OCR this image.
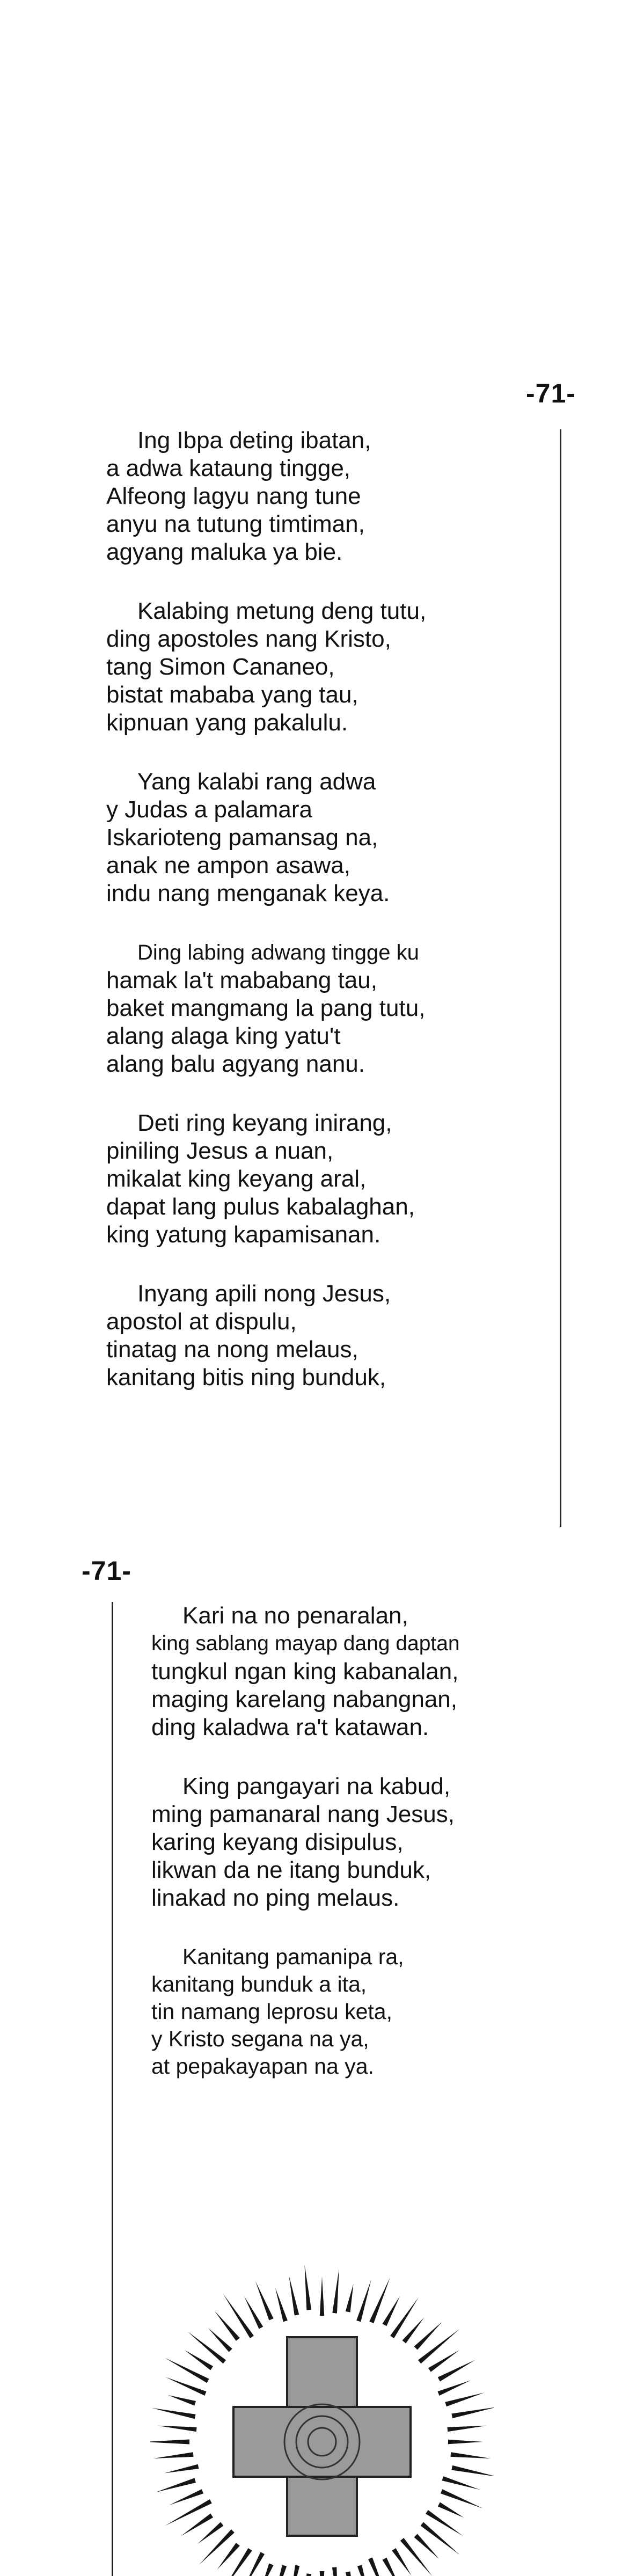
-71-
Ing Ibpa deting ibatan,
a adwa kataung tingge,
Alfeong lagyu nang tune
anyu na tutung timtiman,
agyang maluka ya bie.
Kalabing metung deng tutu,
ding apostoles nang Kristo,
tang Simon Cananeo,
bistat mababa yang tau,
kipnuan yang pakalulu.
Yang kalabi rang adwa
y Judas a palamara
Iskarioteng pamansag na,
anak ne ampon asawa,
indu nang menganak keya.
Ding labing adwang tingge ku
hamak la't mababang tau,
baket mangmang la pang tutu,
alang alaga king yatu't
alang balu agyang nanu.
Deti ring keyang inirang,
piniling Jesus a nuan,
mikalat king keyang aral,
dapat lang pulus kabalaghan,
king yatung kapamisanan.
Inyang apili nong Jesus,
apostol at dispulu,
tinatag na nong melaus,
kanitang bitis ning bunduk,
-71-
Kari na no penaralan,
king sablang mayap dang daptan
tungkul ngan king kabanalan,
maging karelang nabangnan,
ding kaladwa ra't katawan.
King pangayari na kabud,
ming pamanaral nang Jesus,
karing keyang disipulus,
likwan da ne itang bunduk,
linakad no ping melaus.
Kanitang pamanipa ra,
kanitang bunduk a ita,
tin namang leprosu keta,
y Kristo segana na ya,
at pepakayapan na ya.
